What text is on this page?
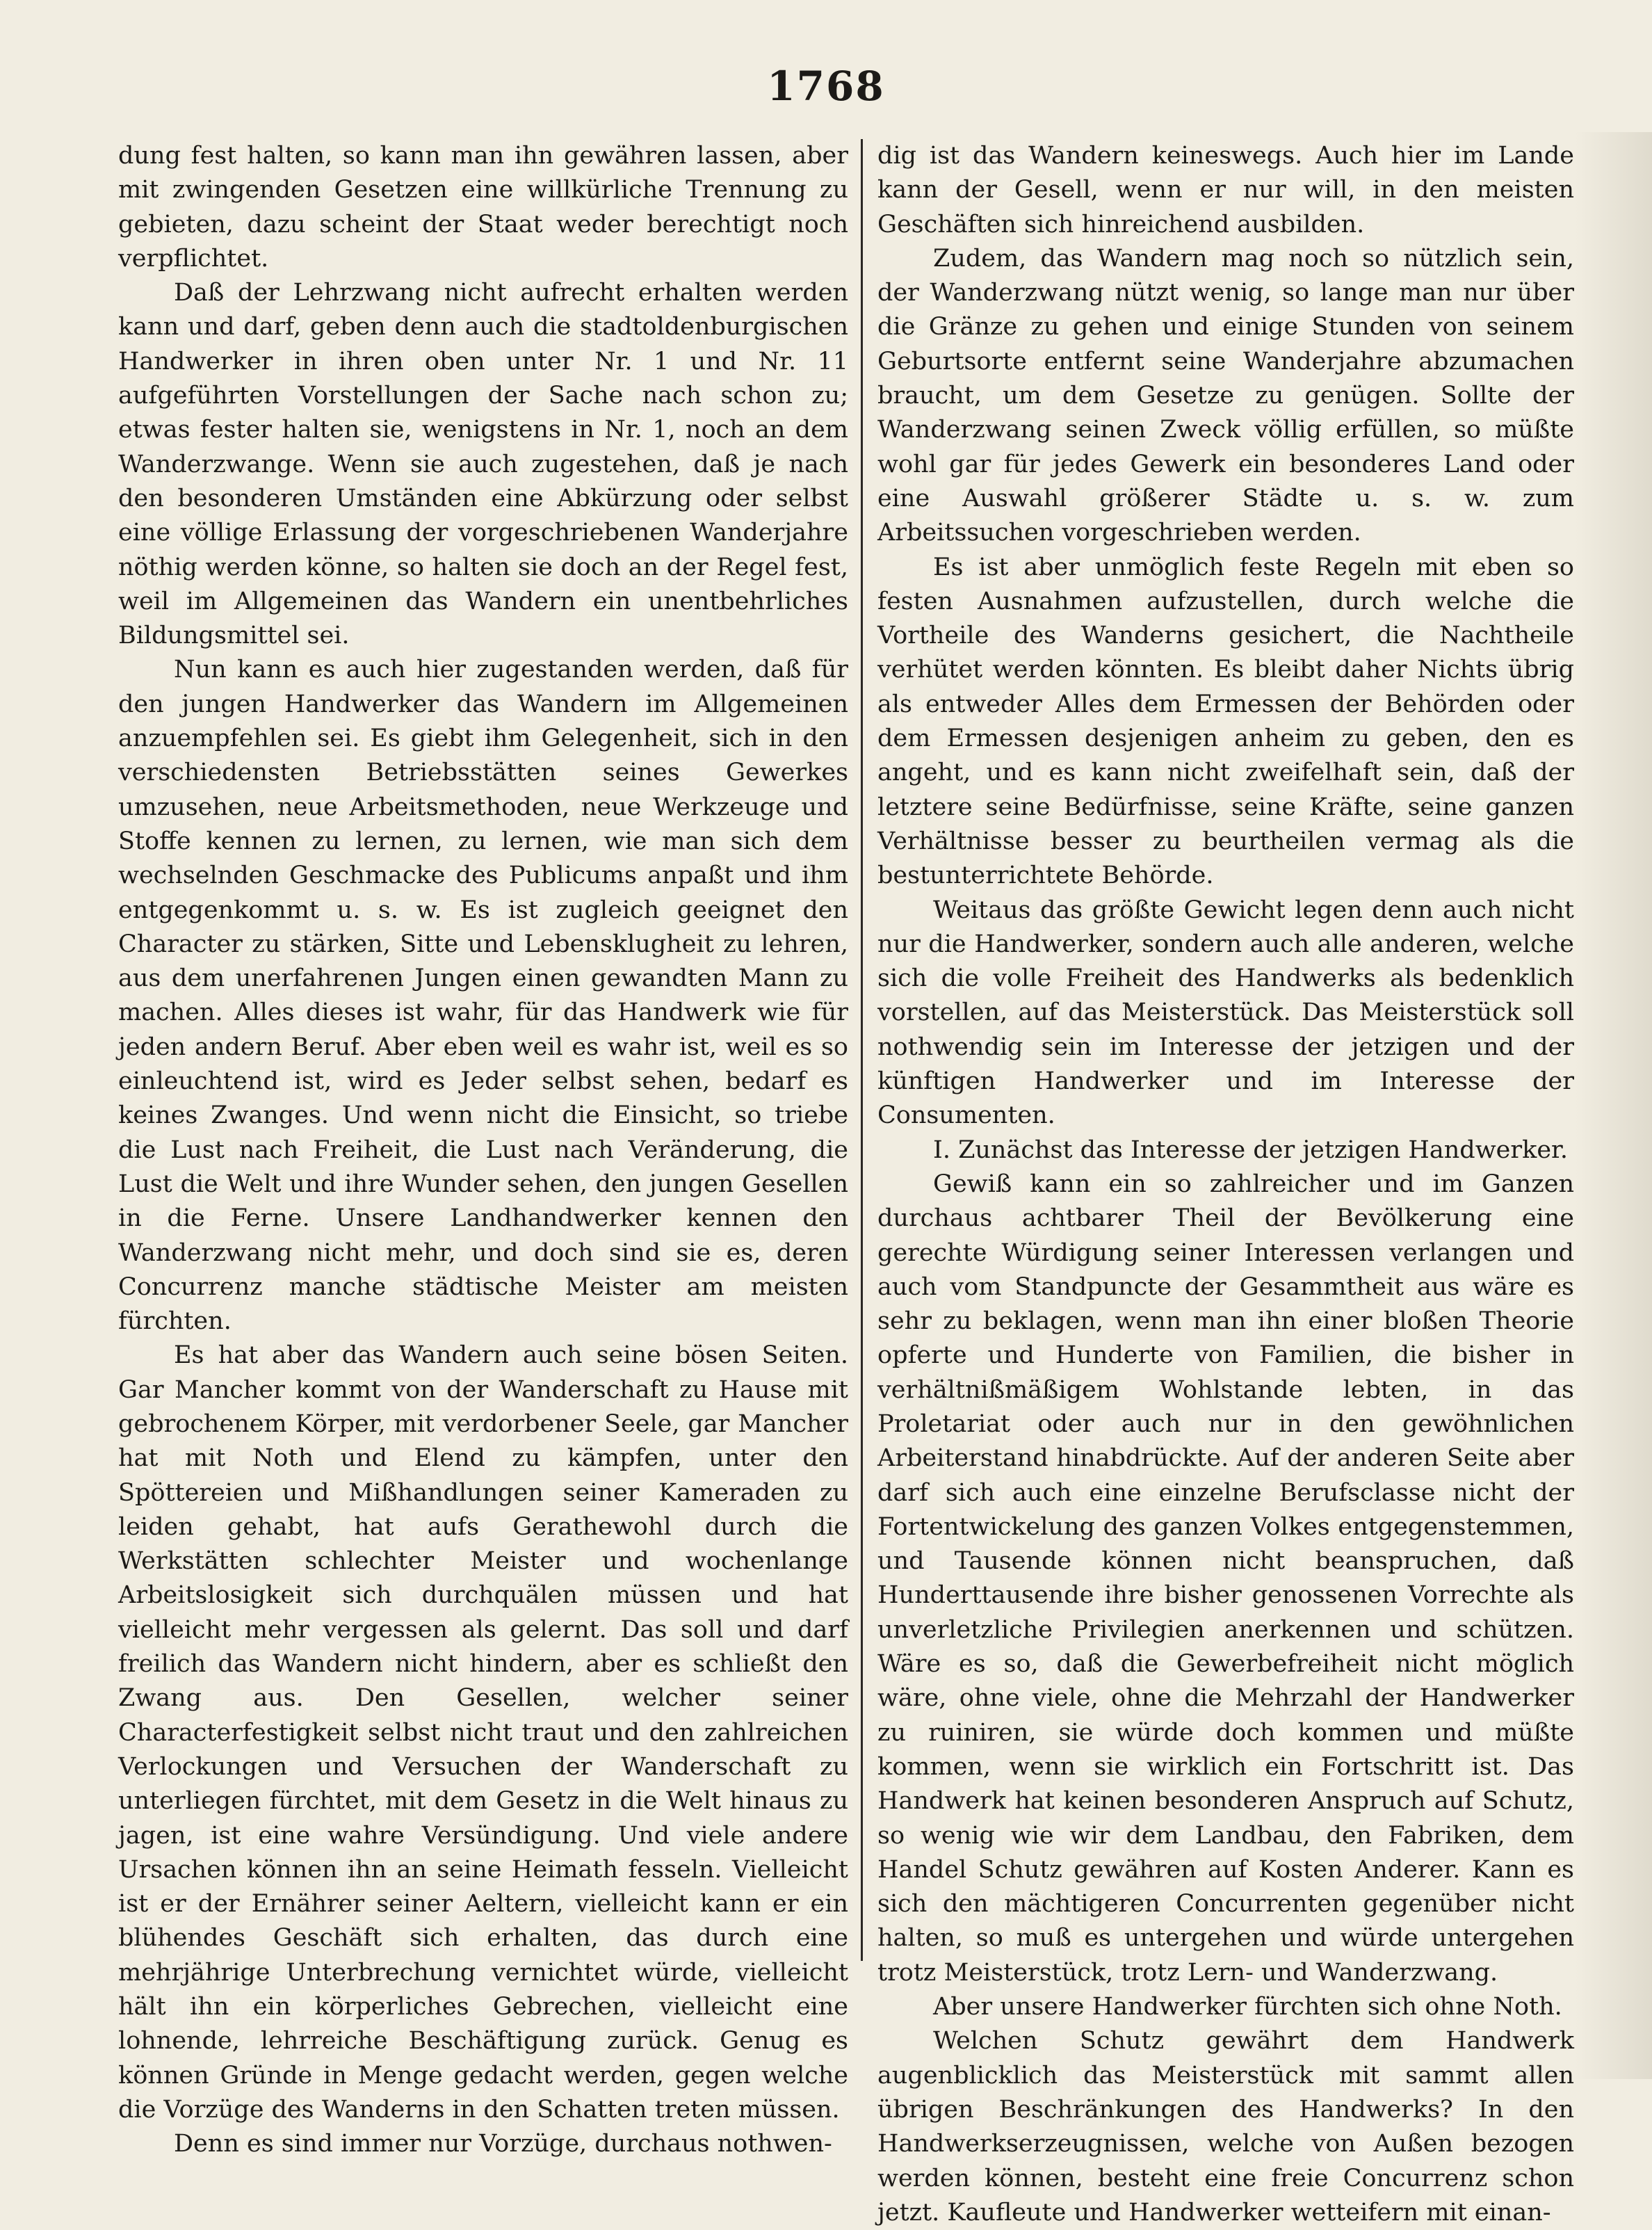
1768

dung fest halten, so kann man ihn gewähren lassen, aber mit zwingenden Gesetzen eine willkürliche Trennung zu gebieten, dazu scheint der Staat weder berechtigt noch verpflichtet.

Daß der Lehrzwang nicht aufrecht erhalten werden kann und darf, geben denn auch die stadtoldenburgischen Handwerker in ihren oben unter Nr. 1 und Nr. 11 aufgeführten Vorstellungen der Sache nach schon zu; etwas fester halten sie, wenigstens in Nr. 1, noch an dem Wanderzwange. Wenn sie auch zugestehen, daß je nach den besonderen Umständen eine Abkürzung oder selbst eine völlige Erlassung der vorgeschriebenen Wanderjahre nöthig werden könne, so halten sie doch an der Regel fest, weil im Allgemeinen das Wandern ein unentbehrliches Bildungsmittel sei.

Nun kann es auch hier zugestanden werden, daß für den jungen Handwerker das Wandern im Allgemeinen anzuempfehlen sei. Es giebt ihm Gelegenheit, sich in den verschiedensten Betriebsstätten seines Gewerkes umzusehen, neue Arbeitsmethoden, neue Werkzeuge und Stoffe kennen zu lernen, zu lernen, wie man sich dem wechselnden Geschmacke des Publicums anpaßt und ihm entgegenkommt u. s. w. Es ist zugleich geeignet den Character zu stärken, Sitte und Lebensklugheit zu lehren, aus dem unerfahrenen Jungen einen gewandten Mann zu machen. Alles dieses ist wahr, für das Handwerk wie für jeden andern Beruf. Aber eben weil es wahr ist, weil es so einleuchtend ist, wird es Jeder selbst sehen, bedarf es keines Zwanges. Und wenn nicht die Einsicht, so triebe die Lust nach Freiheit, die Lust nach Veränderung, die Lust die Welt und ihre Wunder sehen, den jungen Gesellen in die Ferne. Unsere Landhandwerker kennen den Wanderzwang nicht mehr, und doch sind sie es, deren Concurrenz manche städtische Meister am meisten fürchten.

Es hat aber das Wandern auch seine bösen Seiten. Gar Mancher kommt von der Wanderschaft zu Hause mit gebrochenem Körper, mit verdorbener Seele, gar Mancher hat mit Noth und Elend zu kämpfen, unter den Spöttereien und Mißhandlungen seiner Kameraden zu leiden gehabt, hat aufs Gerathewohl durch die Werkstätten schlechter Meister und wochenlange Arbeitslosigkeit sich durchquälen müssen und hat vielleicht mehr vergessen als gelernt. Das soll und darf freilich das Wandern nicht hindern, aber es schließt den Zwang aus. Den Gesellen, welcher seiner Characterfestigkeit selbst nicht traut und den zahlreichen Verlockungen und Versuchen der Wanderschaft zu unterliegen fürchtet, mit dem Gesetz in die Welt hinaus zu jagen, ist eine wahre Versündigung. Und viele andere Ursachen können ihn an seine Heimath fesseln. Vielleicht ist er der Ernährer seiner Aeltern, vielleicht kann er ein blühendes Geschäft sich erhalten, das durch eine mehrjährige Unterbrechung vernichtet würde, vielleicht hält ihn ein körperliches Gebrechen, vielleicht eine lohnende, lehrreiche Beschäftigung zurück. Genug es können Gründe in Menge gedacht werden, gegen welche die Vorzüge des Wanderns in den Schatten treten müssen.

Denn es sind immer nur Vorzüge, durchaus nothwen-

dig ist das Wandern keineswegs. Auch hier im Lande kann der Gesell, wenn er nur will, in den meisten Geschäften sich hinreichend ausbilden.

Zudem, das Wandern mag noch so nützlich sein, der Wanderzwang nützt wenig, so lange man nur über die Gränze zu gehen und einige Stunden von seinem Geburtsorte entfernt seine Wanderjahre abzumachen braucht, um dem Gesetze zu genügen. Sollte der Wanderzwang seinen Zweck völlig erfüllen, so müßte wohl gar für jedes Gewerk ein besonderes Land oder eine Auswahl größerer Städte u. s. w. zum Arbeitssuchen vorgeschrieben werden.

Es ist aber unmöglich feste Regeln mit eben so festen Ausnahmen aufzustellen, durch welche die Vortheile des Wanderns gesichert, die Nachtheile verhütet werden könnten. Es bleibt daher Nichts übrig als entweder Alles dem Ermessen der Behörden oder dem Ermessen desjenigen anheim zu geben, den es angeht, und es kann nicht zweifelhaft sein, daß der letztere seine Bedürfnisse, seine Kräfte, seine ganzen Verhältnisse besser zu beurtheilen vermag als die bestunterrichtete Behörde.

Weitaus das größte Gewicht legen denn auch nicht nur die Handwerker, sondern auch alle anderen, welche sich die volle Freiheit des Handwerks als bedenklich vorstellen, auf das Meisterstück. Das Meisterstück soll nothwendig sein im Interesse der jetzigen und der künftigen Handwerker und im Interesse der Consumenten.

I. Zunächst das Interesse der jetzigen Handwerker.

Gewiß kann ein so zahlreicher und im Ganzen durchaus achtbarer Theil der Bevölkerung eine gerechte Würdigung seiner Interessen verlangen und auch vom Standpuncte der Gesammtheit aus wäre es sehr zu beklagen, wenn man ihn einer bloßen Theorie opferte und Hunderte von Familien, die bisher in verhältnißmäßigem Wohlstande lebten, in das Proletariat oder auch nur in den gewöhnlichen Arbeiterstand hinabdrückte. Auf der anderen Seite aber darf sich auch eine einzelne Berufsclasse nicht der Fortentwickelung des ganzen Volkes entgegenstemmen, und Tausende können nicht beanspruchen, daß Hunderttausende ihre bisher genossenen Vorrechte als unverletzliche Privilegien anerkennen und schützen. Wäre es so, daß die Gewerbefreiheit nicht möglich wäre, ohne viele, ohne die Mehrzahl der Handwerker zu ruiniren, sie würde doch kommen und müßte kommen, wenn sie wirklich ein Fortschritt ist. Das Handwerk hat keinen besonderen Anspruch auf Schutz, so wenig wie wir dem Landbau, den Fabriken, dem Handel Schutz gewähren auf Kosten Anderer. Kann es sich den mächtigeren Concurrenten gegenüber nicht halten, so muß es untergehen und würde untergehen trotz Meisterstück, trotz Lern- und Wanderzwang.

Aber unsere Handwerker fürchten sich ohne Noth.

Welchen Schutz gewährt dem Handwerk augenblicklich das Meisterstück mit sammt allen übrigen Beschränkungen des Handwerks? In den Handwerkserzeugnissen, welche von Außen bezogen werden können, besteht eine freie Concurrenz schon jetzt. Kaufleute und Handwerker wetteifern mit einan-
